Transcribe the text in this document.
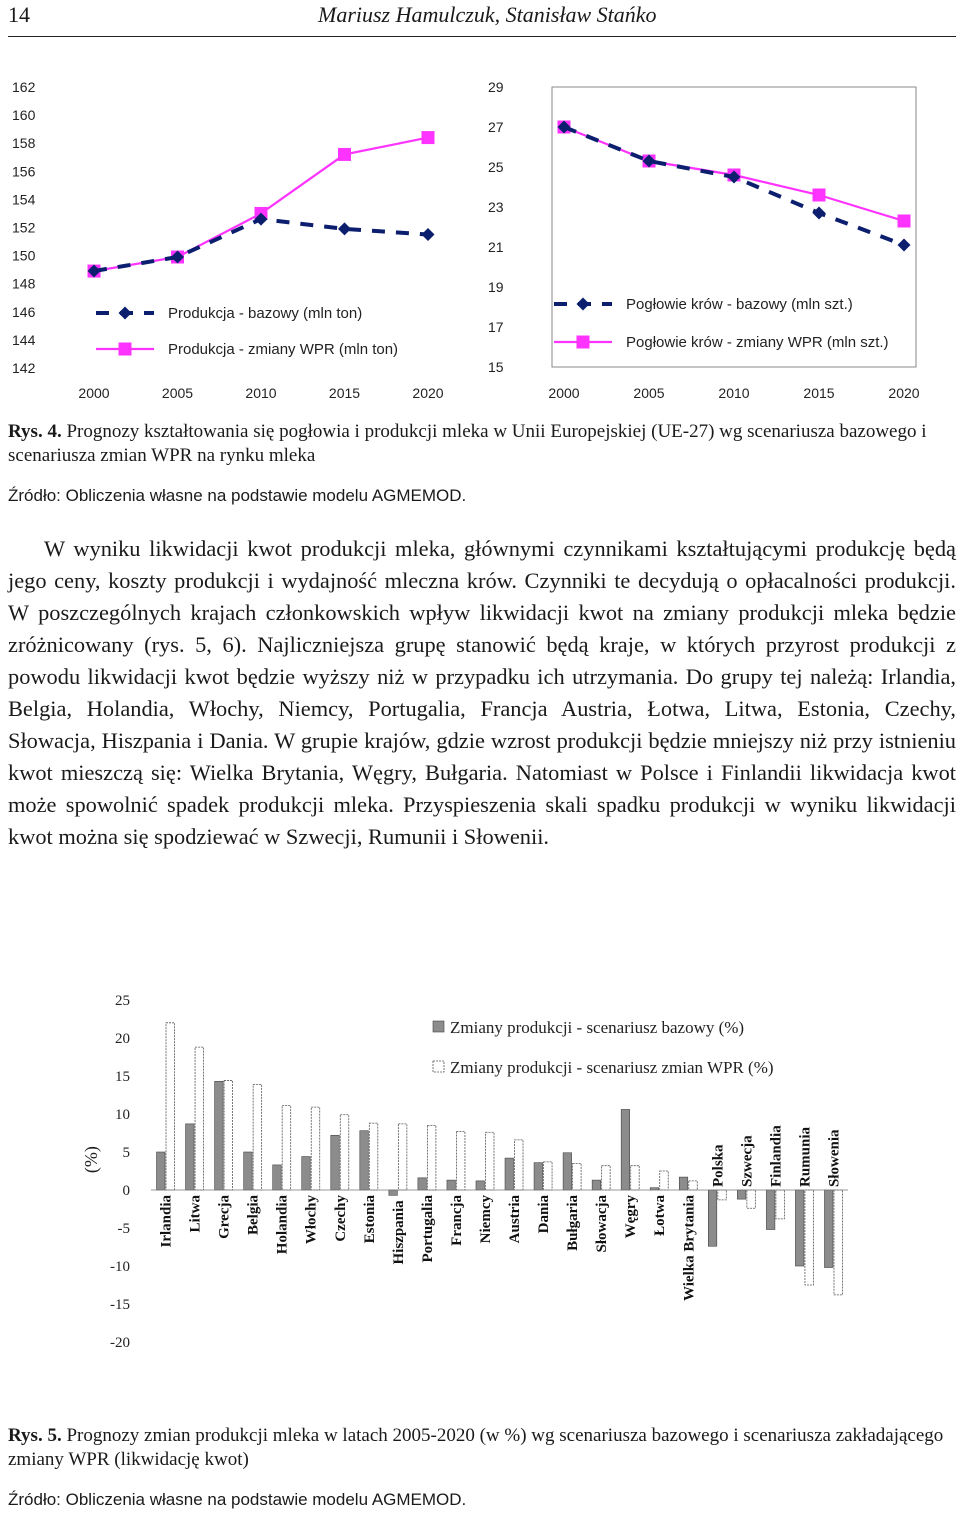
14	Mariusz Hamulczuk, Stanisław Stańko
142
144
146
148
150
152
154
156
158
160
162
2000	2005	2010	2015	2020
Produkcja - bazowy (mln ton)
Produkcja - zmiany WPR (mln ton)
15
17
19
21
23
25
27
29
2000	2005	2010	2015	2020
Pogłowie krów - bazowy (mln szt.)
Pogłowie krów - zmiany WPR (mln szt.)
Rys. 4. Prognozy kształtowania się pogłowia i produkcji mleka w Unii Europejskiej (UE-27) wg scenariusza bazowego i scenariusza zmian WPR na rynku mleka
Źródło: Obliczenia własne na podstawie modelu AGMEMOD.
W wyniku likwidacji kwot produkcji mleka, głównymi czynnikami kształtującymi produkcję będą jego ceny, koszty produkcji i wydajność mleczna krów. Czynniki te decydują o opłacalności produkcji. W poszczególnych krajach członkowskich wpływ likwidacji kwot na zmiany produkcji mleka będzie zróżnicowany (rys. 5, 6). Najliczniejsza grupę stanowić będą kraje, w których przyrost produkcji z powodu likwidacji kwot będzie wyższy niż w przypadku ich utrzymania. Do grupy tej należą: Irlandia, Belgia, Holandia, Włochy, Niemcy, Portugalia, Francja Austria, Łotwa, Litwa, Estonia, Czechy, Słowacja, Hiszpania i Dania. W grupie krajów, gdzie wzrost produkcji będzie mniejszy niż przy istnieniu kwot mieszczą się: Wielka Brytania, Węgry, Bułgaria. Natomiast w Polsce i Finlandii likwidacja kwot może spowolnić spadek produkcji mleka. Przyspieszenia skali spadku produkcji w wyniku likwidacji kwot można się spodziewać w Szwecji, Rumunii i Słowenii.
25
20
15
10
5
0
-5
-10
-15
-20
(%)
Irlandia Litwa Grecja Belgia Holandia Włochy Czechy Estonia Hiszpania Portugalia Francja Niemcy Austria Dania Bułgaria Słowacja Węgry Łotwa Wielka Brytania
Polska Szwecja Finlandia Rumunia Słowenia
Zmiany produkcji - scenariusz bazowy (%)
Zmiany produkcji - scenariusz zmian WPR (%)
Rys. 5. Prognozy zmian produkcji mleka w latach 2005-2020 (w %) wg scenariusza bazowego i scenariusza zakładającego zmiany WPR (likwidację kwot)
Źródło: Obliczenia własne na podstawie modelu AGMEMOD.
